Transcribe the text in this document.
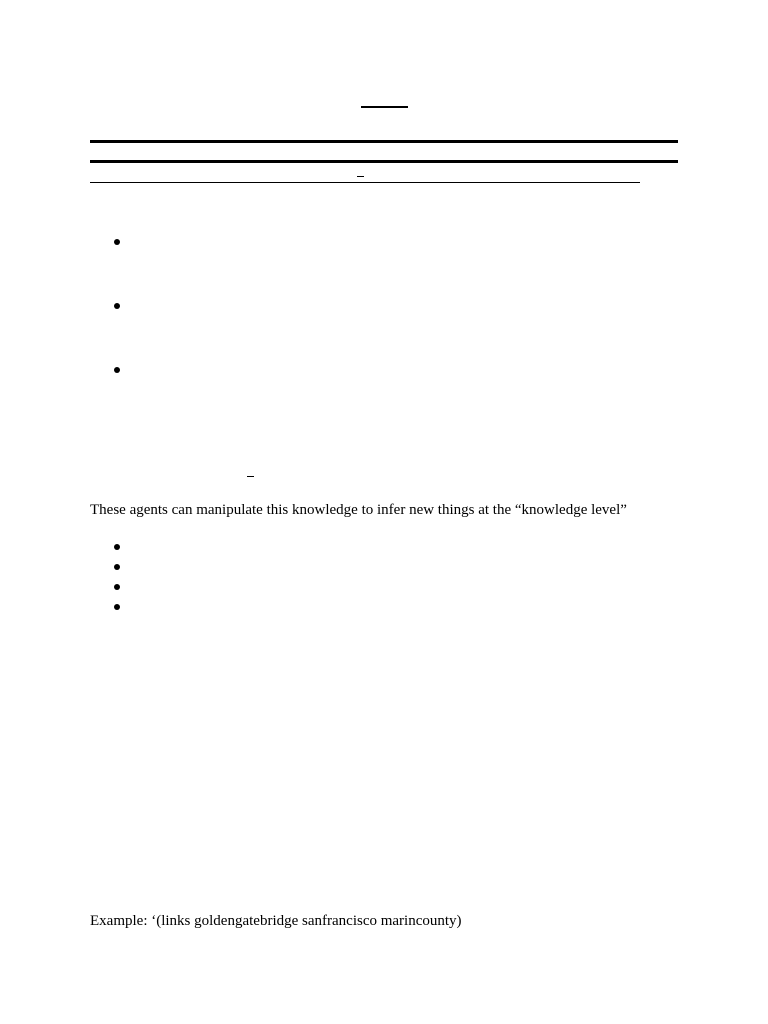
These agents can manipulate this knowledge to infer new things at the “knowledge level”
Example: ‘(links goldengatebridge sanfrancisco marincounty)
